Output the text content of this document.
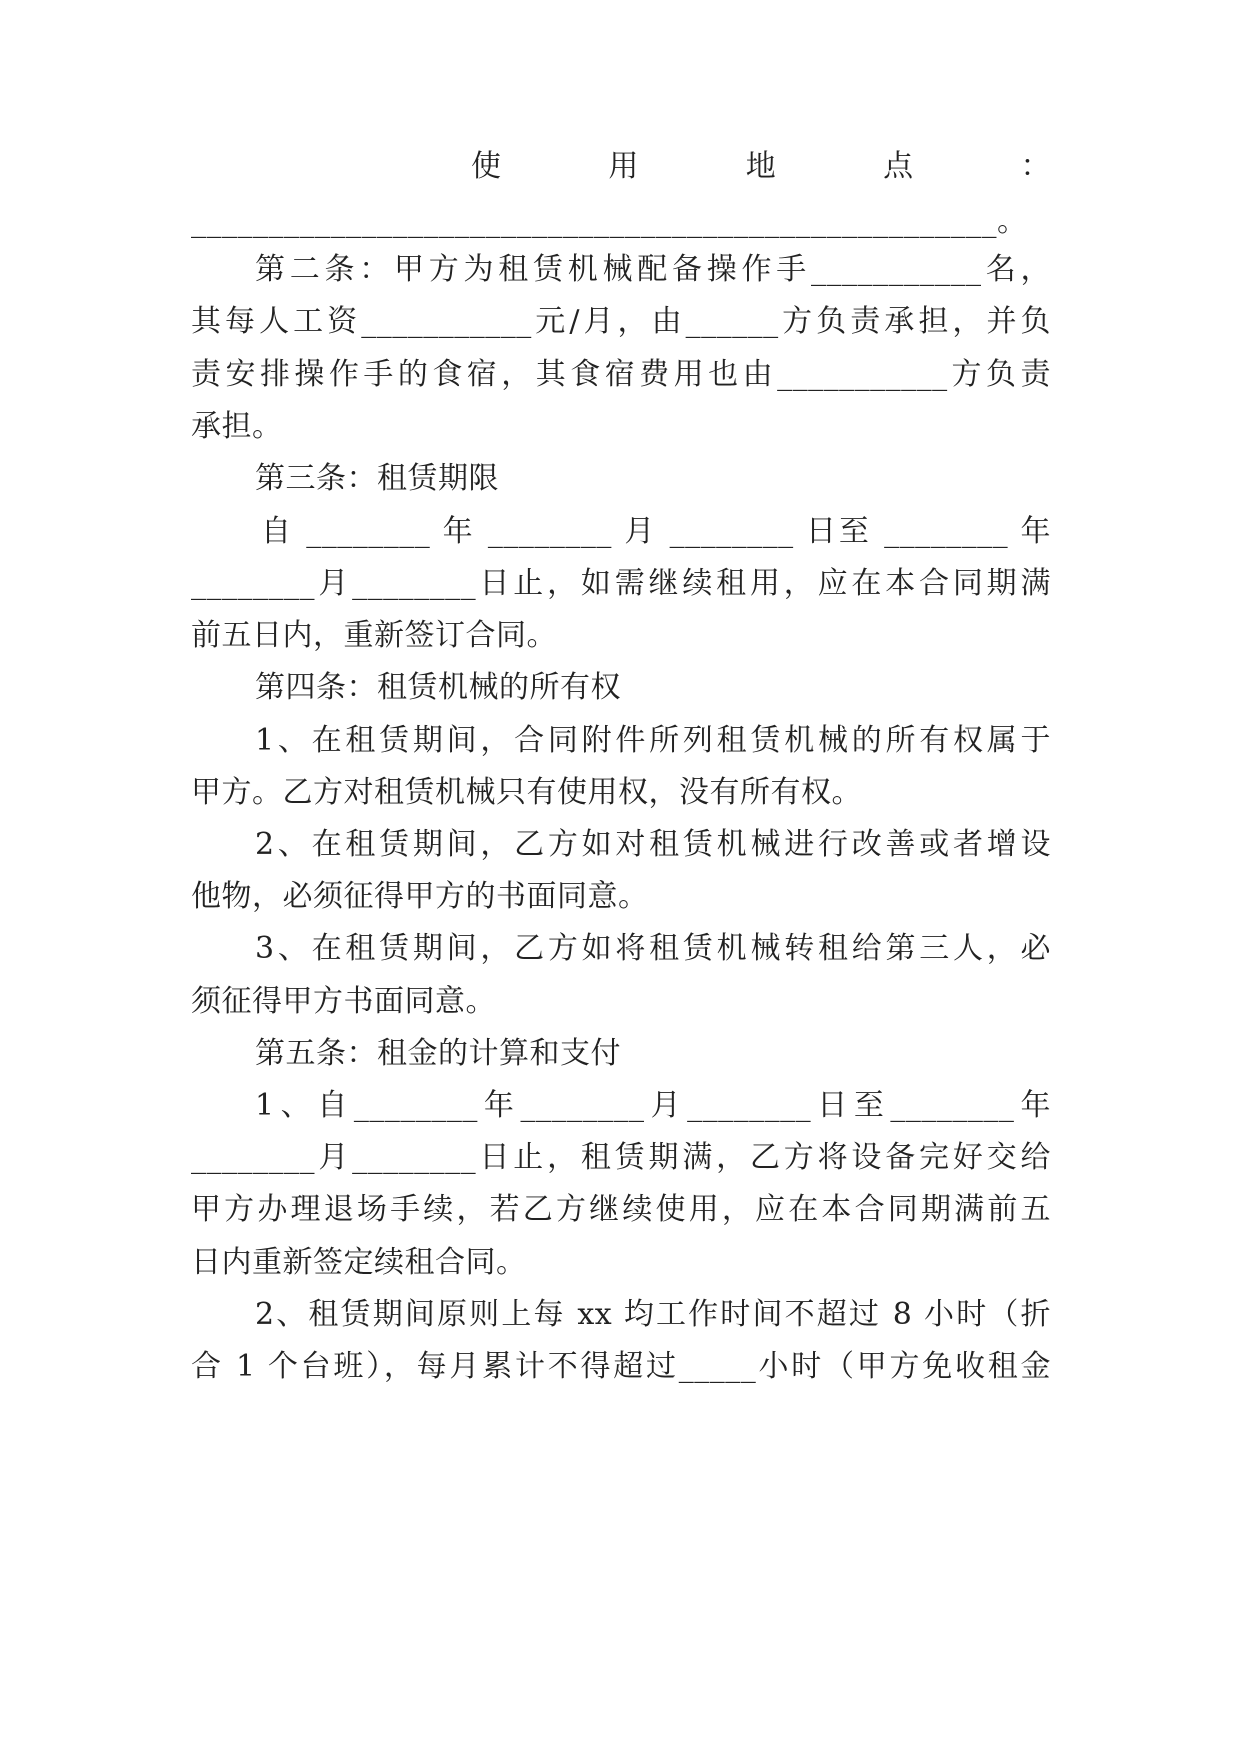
使 用 地 点 ：
____________________________________________________。
第二条：甲方为租赁机械配备操作手___________名，
其每人工资___________元/月，由______方负责承担，并负
责安排操作手的食宿，其食宿费用也由___________方负责
承担。
第三条：租赁期限
自 ________ 年 ________ 月 ________ 日至 ________ 年
________月________日止，如需继续租用，应在本合同期满
前五日内，重新签订合同。
第四条：租赁机械的所有权
1、在租赁期间，合同附件所列租赁机械的所有权属于
甲方。乙方对租赁机械只有使用权，没有所有权。
2、在租赁期间，乙方如对租赁机械进行改善或者增设
他物，必须征得甲方的书面同意。
3、在租赁期间，乙方如将租赁机械转租给第三人，必
须征得甲方书面同意。
第五条：租金的计算和支付
1、自________年________月________日至________年
________月________日止，租赁期满，乙方将设备完好交给
甲方办理退场手续，若乙方继续使用，应在本合同期满前五
日内重新签定续租合同。
2、租赁期间原则上每 xx 均工作时间不超过 8 小时（折
合 1 个台班），每月累计不得超过_____小时（甲方免收租金
